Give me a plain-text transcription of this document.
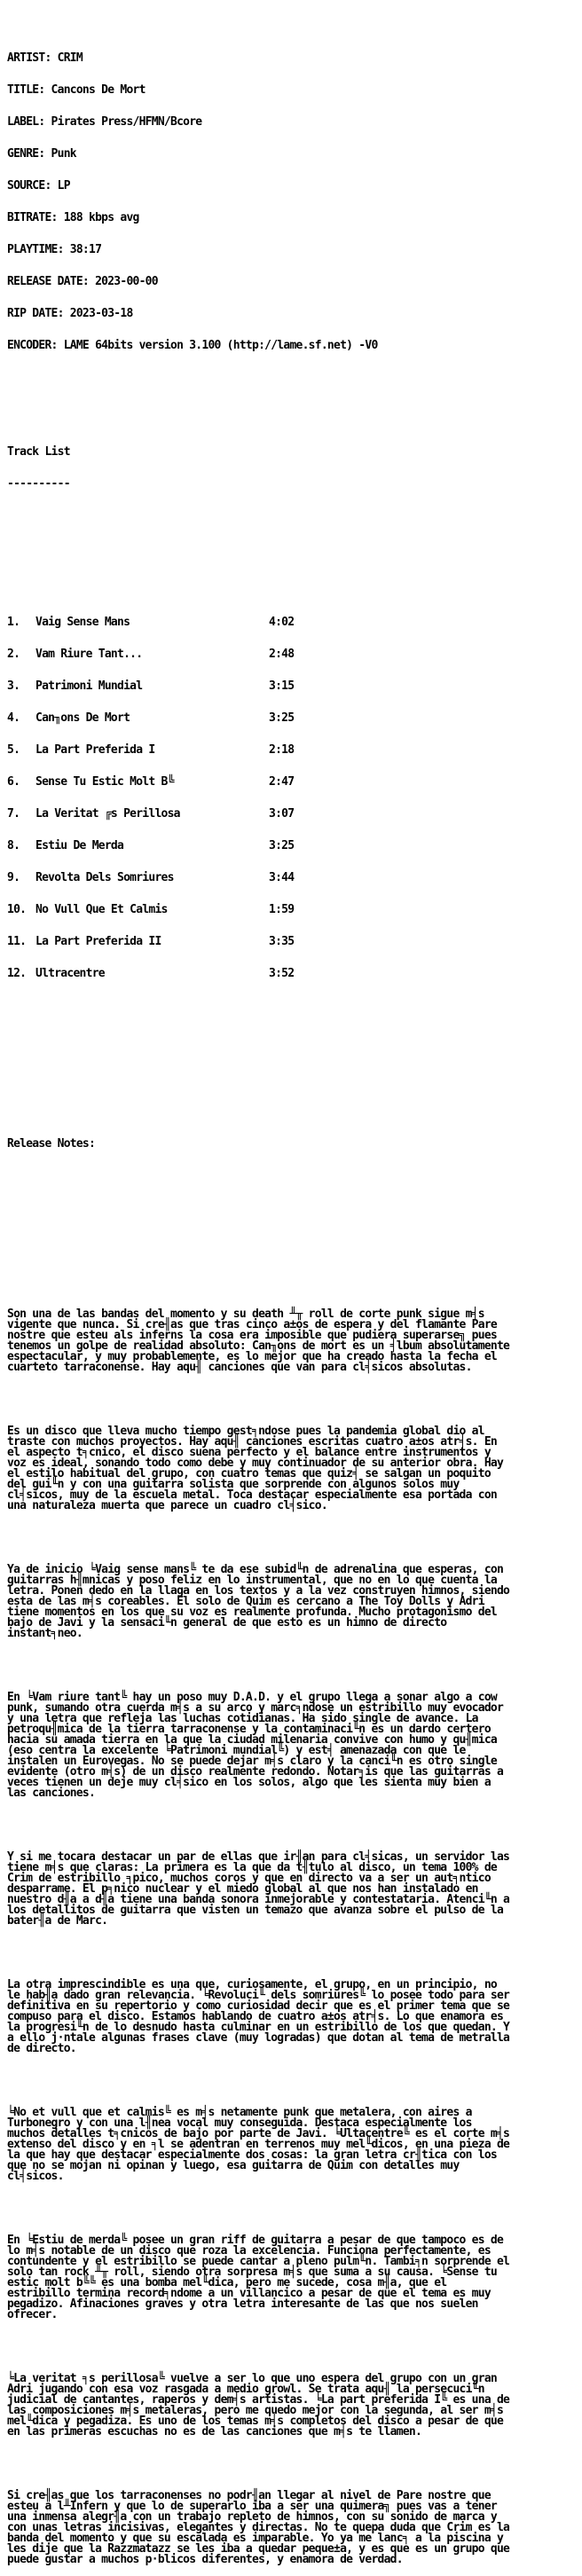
ARTIST: CRIM

TITLE: Cancons De Mort

LABEL: Pirates Press/HFMN/Bcore

GENRE: Punk

SOURCE: LP

BITRATE: 188 kbps avg

PLAYTIME: 38:17

RELEASE DATE: 2023-00-00

RIP DATE: 2023-03-18

ENCODER: LAME 64bits version 3.100 (http://lame.sf.net) -V0

Track List

----------

1. Vaig Sense Mans	4:02

2. Vam Riure Tant...	2:48

3. Patrimoni Mundial	3:15

4. Can╖ons De Mort	3:25

5. La Part Preferida I	2:18

6. Sense Tu Estic Molt B╚	2:47

7. La Veritat ╔s Perillosa	3:07

8. Estiu De Merda	3:25

9. Revolta Dels Somriures	3:44

10. No Vull Que Et Calmis	1:59

11. La Part Preferida II	3:35

12. Ultracentre	3:52

Release Notes:

Son una de las bandas del momento y su death ╨╥ roll de corte punk sigue m╡s
vigente que nunca. Si cre╢as que tras cinco a±os de espera y del flamante Pare
nostre que esteu als inferns la cosa era imposible que pudiera superarse╗ pues
tenemos un golpe de realidad absoluto: Can╖ons de mort es un ╡lbum absolutamente
espectacular, y muy probablemente, es lo mejor que ha creado hasta la fecha el
cuarteto tarraconense. Hay aqu╢ canciones que van para cl╡sicos absolutas.

Es un disco que lleva mucho tiempo gest╕ndose pues la pandemia global dio al
traste con muchos proyectos. Hay aqu╢ canciones escritas cuatro a±os atr╡s. En
el aspecto t╕cnico, el disco suena perfecto y el balance entre instrumentos y
voz es ideal, sonando todo como debe y muy continuador de su anterior obra. Hay
el estilo habitual del grupo, con cuatro temas que quiz╡ se salgan un poquito
del gui╙n y con una guitarra solista que sorprende con algunos solos muy
cl╡sicos, muy de la escuela metal. Toca destacar especialmente esa portada con
una naturaleza muerta que parece un cuadro cl╡sico.

Ya de inicio ╘Vaig sense mans╚ te da ese subid╙n de adrenalina que esperas, con
guitarras h╢mnicas y poso feliz en lo instrumental, que no en lo que cuenta la
letra. Ponen dedo en la llaga en los textos y a la vez construyen himnos, siendo
esta de las m╡s coreables. El solo de Quim es cercano a The Toy Dolls y Adri
tiene momentos en los que su voz es realmente profunda. Mucho protagonismo del
bajo de Javi y la sensaci╙n general de que esto es un himno de directo
instant╕neo.

En ╘Vam riure tant╚ hay un poso muy D.A.D. y el grupo llega a sonar algo a cow
punk, sumando otra cuerda m╡s a su arco y marc╕ndose un estribillo muy evocador
y una letra que refleja las luchas cotidianas. Ha sido single de avance. La
petroqu╢mica de la tierra tarraconense y la contaminaci╙n es un dardo certero
hacia su amada tierra en la que la ciudad milenaria convive con humo y qu╢mica
(eso centra la excelente ╘Patrimoni mundial╚) y est╡ amenazada con que le
instalen un Eurovegas. No se puede dejar m╡s claro y la canci╙n es otro single
evidente (otro m╡s) de un disco realmente redondo. Notar╕is que las guitarras a
veces tienen un deje muy cl╡sico en los solos, algo que les sienta muy bien a
las canciones.

Y si me tocara destacar un par de ellas que ir╢an para cl╡sicas, un servidor las
tiene m╡s que claras: La primera es la que da t╢tulo al disco, un tema 100% de
Crim de estribillo ╕pico, muchos coros y que en directo va a ser un aut╕ntico
desparrame. El p╕nico nuclear y el miedo global al que nos han instalado en
nuestro d╢a a d╢a tiene una banda sonora inmejorable y contestataria. Atenci╙n a
los detallitos de guitarra que visten un temazo que avanza sobre el pulso de la
bater╢a de Marc.

La otra imprescindible es una que, curiosamente, el grupo, en un principio, no
le hab╢a dado gran relevancia. ╘Revoluci╙ dels somriures╚ lo posee todo para ser
definitiva en su repertorio y como curiosidad decir que es el primer tema que se
compuso para el disco. Estamos hablando de cuatro a±os atr╡s. Lo que enamora es
la progresi╙n de lo desnudo hasta culminar en un estribillo de los que quedan. Y
a ello j·ntale algunas frases clave (muy logradas) que dotan al tema de metralla
de directo.

╘No et vull que et calmis╚ es m╡s netamente punk que metalera, con aires a
Turbonegro y con una l╢nea vocal muy conseguida. Destaca especialmente los
muchos detalles t╕cnicos de bajo por parte de Javi. ╘Ultacentre╚ es el corte m╡s
extenso del disco y en ╕l se adentran en terrenos muy mel╙dicos, en una pieza de
la que hay que destacar especialmente dos cosas: la gran letra cr╢tica con los
que no se mojan ni opinan y luego, esa guitarra de Quim con detalles muy
cl╡sicos.

En ╘Estiu de merda╚ posee un gran riff de guitarra a pesar de que tampoco es de
lo m╡s notable de un disco que roza la excelencia. Funciona perfectamente, es
contundente y el estribillo se puede cantar a pleno pulm╙n. Tambi╕n sorprende el
solo tan rock ╨╥ roll, siendo otra sorpresa m╡s que suma a su causa. ╘Sense tu
estic molt b╚╚ es una bomba mel╙dica, pero me sucede, cosa m╢a, que el
estribillo termina record╕ndome a un villancico a pesar de que el tema es muy
pegadizo. Afinaciones graves y otra letra interesante de las que nos suelen
ofrecer.

╘La veritat ╕s perillosa╚ vuelve a ser lo que uno espera del grupo con un gran
Adri jugando con esa voz rasgada a medio growl. Se trata aqu╢ la persecuci╙n
judicial de cantantes, raperos y dem╡s artistas. ╘La part preferida I╚ es una de
las composiciones m╡s metaleras, pero me quedo mejor con la segunda, al ser m╡s
mel╙dica y pegadiza. Es uno de los temas m╡s completos del disco a pesar de que
en las primeras escuchas no es de las canciones que m╡s te llamen.

Si cre╢as que los tarraconenses no podr╢an llegar al nivel de Pare nostre que
esteu a l╨Infern y que lo de superarlo iba a ser una quimera╗ pues vas a tener
una inmensa alegr╢a con un trabajo repleto de himnos, con su sonido de marca y
con unas letras incisivas, elegantes y directas. No te quepa duda que Crim es la
banda del momento y que su escalada es imparable. Yo ya me lanc╕ a la piscina y
les dije que la Razzmatazz se les iba a quedar peque±a, y es que es un grupo que
puede gustar a muchos p·blicos diferentes, y enamora de verdad.
